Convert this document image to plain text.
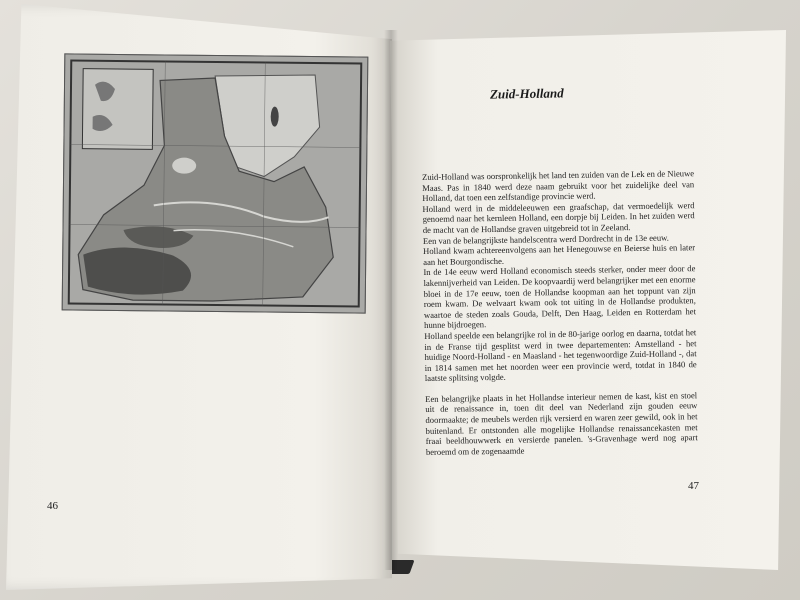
46
Zuid-Holland

Zuid-Holland was oorspronkelijk het land ten zuiden van de Lek en de Nieuwe Maas. Pas in 1840 werd deze naam gebruikt voor het zuidelijke deel van Holland, dat toen een zelfstandige provincie werd.

Holland werd in de middeleeuwen een graafschap, dat vermoedelijk werd genoemd naar het kernleen Holland, een dorpje bij Leiden. In het zuiden werd de macht van de Hollandse graven uitgebreid tot in Zeeland.

Een van de belangrijkste handelscentra werd Dordrecht in de 13e eeuw.

Holland kwam achtereenvolgens aan het Henegouwse en Beierse huis en later aan het Bourgondische.

In de 14e eeuw werd Holland economisch steeds sterker, onder meer door de lakennijverheid van Leiden. De koopvaardij werd belangrijker met een enorme bloei in de 17e eeuw, toen de Hollandse koopman aan het toppunt van zijn roem kwam. De welvaart kwam ook tot uiting in de Hollandse produkten, waartoe de steden zoals Gouda, Delft, Den Haag, Leiden en Rotterdam het hunne bijdroegen.

Holland speelde een belangrijke rol in de 80-jarige oorlog en daarna, totdat het in de Franse tijd gesplitst werd in twee departementen: Amstelland - het huidige Noord-Holland - en Maasland - het tegenwoordige Zuid-Holland -, dat in 1814 samen met het noorden weer een provincie werd, totdat in 1840 de laatste splitsing volgde.

Een belangrijke plaats in het Hollandse interieur nemen de kast, kist en stoel uit de renaissance in, toen dit deel van Nederland zijn gouden eeuw doormaakte; de meubels werden rijk versierd en waren zeer gewild, ook in het buitenland. Er ontstonden alle mogelijke Hollandse renaissancekasten met fraai beeldhouwwerk en versierde panelen. 's-Gravenhage werd nog apart beroemd om de zogenaamde

47
